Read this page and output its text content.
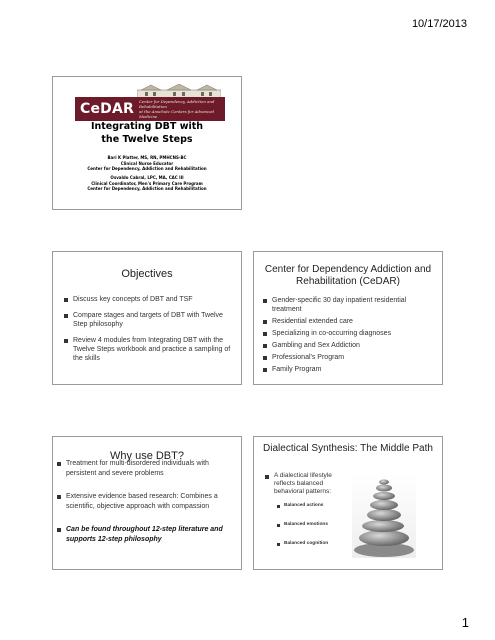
10/17/2013
CeDAR	Center for Dependency, Addiction and Rehabilitation
at the Anschutz Centers for Advanced Medicine
Integrating DBT with
the Twelve Steps
Bari K Platter, MS, RN, PMHCNS-BC
Clinical Nurse Educator
Center for Dependency, Addiction and Rehabilitation
Osvaldo Cabral, LPC, MA, CAC III
Clinical Coordinator, Men's Primary Care Program
Center for Dependency, Addiction and Rehabilitation
Objectives
Discuss key concepts of DBT and TSF
Compare stages and targets of DBT with Twelve Step philosophy
Review 4 modules from Integrating DBT with the Twelve Steps workbook and practice a sampling of the skills
Center for Dependency Addiction and Rehabilitation (CeDAR)
Gender-specific 30 day inpatient residential treatment
Residential extended care
Specializing in co-occurring diagnoses
Gambling and Sex Addiction
Professional's Program
Family Program
Why use DBT?
Treatment for multi-disordered individuals with persistent and severe problems
Extensive evidence based research: Combines a scientific, objective approach with compassion
Can be found throughout 12-step literature and supports 12-step philosophy
Dialectical Synthesis: The Middle Path
A dialectical lifestyle reflects balanced behavioral patterns:
Balanced actions
Balanced emotions
Balanced cognition
1
